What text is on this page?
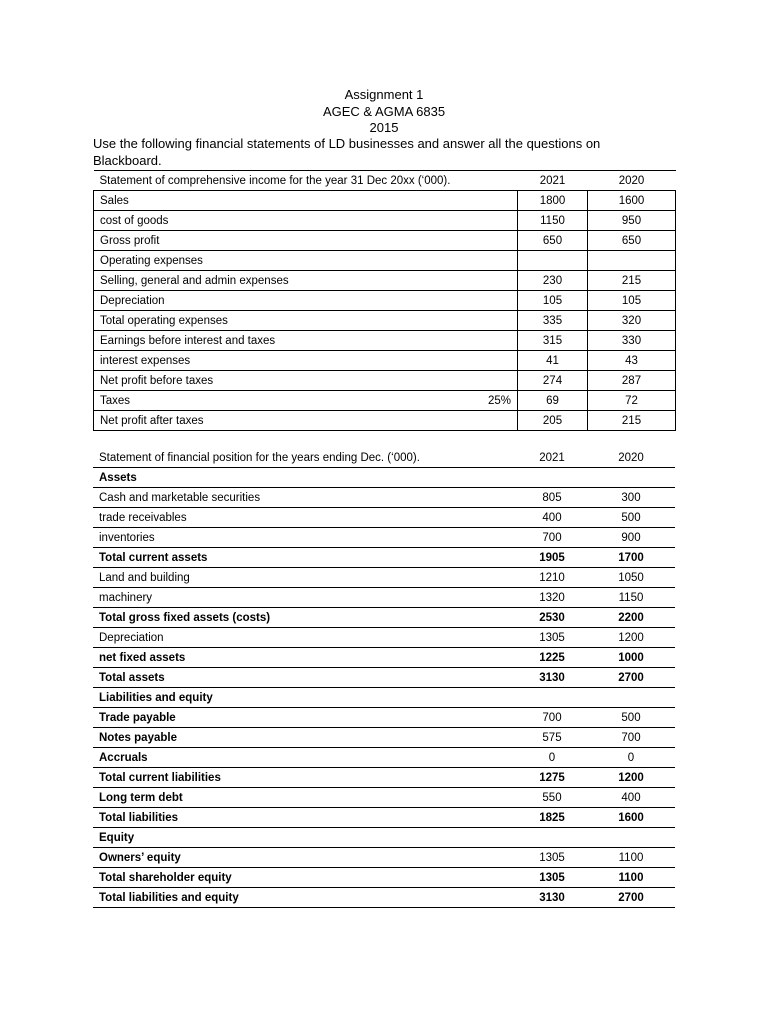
Assignment 1
AGEC & AGMA 6835
2015
Use the following financial statements of LD businesses and answer all the questions on Blackboard.
Statement of comprehensive income for the year 31 Dec 20xx (‘000).		2021	2020
Sales		1800	1600
cost of goods		1150	950
Gross profit		650	650
Operating expenses			
Selling, general and admin expenses		230	215
Depreciation		105	105
Total operating expenses		335	320
Earnings before interest and taxes		315	330
interest expenses		41	43
Net profit before taxes		274	287
Taxes	25%	69	72
Net profit after taxes		205	215
Statement of financial position for the years ending Dec. (‘000).	2021	2020
Assets		
Cash and marketable securities	805	300
trade receivables	400	500
inventories	700	900
Total current assets	1905	1700
Land and building	1210	1050
machinery	1320	1150
Total gross fixed assets (costs)	2530	2200
Depreciation	1305	1200
net fixed assets	1225	1000
Total assets	3130	2700
Liabilities and equity		
Trade payable	700	500
Notes payable	575	700
Accruals	0	0
Total current liabilities	1275	1200
Long term debt	550	400
Total liabilities	1825	1600
Equity		
Owners’ equity	1305	1100
Total shareholder equity	1305	1100
Total liabilities and equity	3130	2700
